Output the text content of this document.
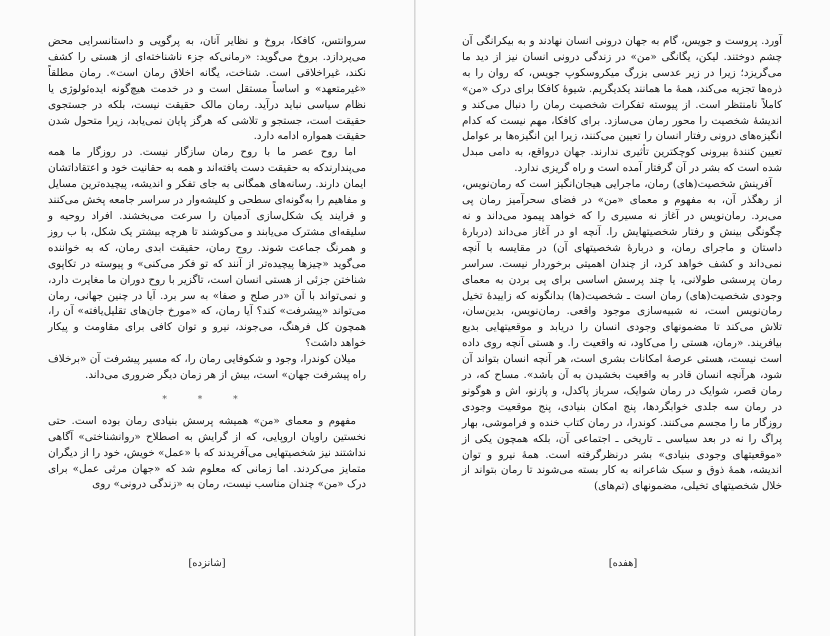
سروانتس، کافکا، بروخ و نظایر آنان، به پرگویی و داستانسرایی محض می‌پردازد. بروخ می‌گوید: «رمانی‌که جزء ناشناخته‌ای از هستی را کشف نکند، غیراخلاقی است. شناخت، یگانه اخلاق رمان است». رمان مطلقاً «غیرمتعهد» و اساساً مستقل است و در خدمت هیچ‌گونه ایده‌ئولوژی یا نظام سیاسی نباید درآید. رمان مالک حقیقت نیست، بلکه در جستجوی حقیقت است، جستجو و تلاشی که هرگز پایان نمی‌یابد، زیرا متحول شدن حقیقت همواره ادامه دارد.

اما روح عصر ما با روح رمان سازگار نیست. در روزگار ما همه می‌پندارند‌که به حقیقت دست یافته‌اند و همه به حقانیت خود و اعتقاداتشان ایمان دارند. رسانه‌های همگانی به جای تفکر و اندیشه، پیچیده‌ترین مسایل و مفاهیم را به‌گونه‌ای سطحی و کلیشه‌وار در سراسر جامعه پخش می‌کنند و فرایند یک شکل‌سازی آدمیان را سرعت می‌بخشند. افراد روحیه و سلیقه‌ای مشترک می‌یابند و می‌کوشند تا هرچه بیشتر یک شکل، با ب روز و همرنگ جماعت شوند. روح رمان، حقیقت ابدی رمان، که به خواننده می‌گوید «چیزها پیچیده‌تر از آنند که تو فکر می‌کنی» و پیوسته در تکاپوی شناختن جزئی از هستی انسان است، تاگزیر با روح دوران ما مغایرت دارد، و نمی‌تواند با آن «در صلح و صفا» به سر برد. آیا در چنین جهانی، رمان می‌تواند «پیشرفت» کند؟ آیا رمان، که «مورخ جان‌های تقلیل‌یافته» آن را، همچون کل فرهنگ، می‌جوند، نیرو و توان کافی برای مقاومت و پیکار خواهد داشت؟

میلان کوندرا، وجود و شکوفایی رمان را، که مسیر پیشرفت آن «برخلاف راه پیشرفت جهان» است، بیش از هر زمان دیگر ضروری می‌داند.

* * *

مفهوم و معمای «من» همیشه پرسش بنیادی رمان بوده است. حتی نخستین راویان اروپایی، که از گرایش به اصطلاح «روانشناختی» آگاهی نداشتند نیز شخصیتهایی می‌آفریدند که با «عمل» خویش، خود را از دیگران متمایز می‌کردند. اما زمانی که معلوم شد که «جهان مرثی عمل» برای درک «من» چندان مناسب نیست، رمان به «زندگی درونی» روی

[شانزده]

آورد. پروست و جویس، گام به جهان درونی انسان نهادند و به بیکرانگی آن چشم دوختند. لیکن، یگانگی «من» در زندگی درونی انسان نیز از دید ما می‌گریزد؛ زیرا در زیر عدسی بزرگ میکروسکوپ جویس، که روان را به ذره‌ها تجزیه می‌کند، همهٔ ما همانند یکدیگریم. شیوهٔ کافکا برای درک «من» کاملاً نامنتظر است. از پیوسته تفکرات شخصیت رمان را دنبال می‌کند و اندیشهٔ شخصیت را محور رمان می‌سازد. برای کافکا، مهم نیست که کدام انگیزه‌های درونی رفتار انسان را تعیین می‌کنند، زیرا این انگیزه‌ها بر عوامل تعیین کنندهٔ بیرونی کوچکترین تأثیری ندارند. جهان درواقع، به دامی مبدل شده است که بشر در آن گرفتار آمده است و راه گریزی ندارد.

آفرینش شخصیت(های) رمان، ماجرایی هیجان‌انگیز است که رمان‌نویس، از رهگذر آن، به مفهوم و معمای «من» در فضای سحرآمیز رمان پی می‌برد. رمان‌نویس در آغاز نه مسیری را که خواهد پیمود می‌داند و نه چگونگی بینش و رفتار شخصیتهایش را. آنچه او در آغاز می‌داند (دربارهٔ داستان و ماجرای رمان، و دربارهٔ شخصیتهای آن) در مقایسه با آنچه نمی‌داند و کشف خواهد کرد، از چندان اهمیتی برخوردار نیست. سراسر رمان پرسشی طولانی، یا چند پرسش اساسی برای پی بردن به معمای وجودی شخصیت(های) رمان است ـ شخصیت(ها) بدانگونه که زاییدهٔ تخیل رمان‌نویس است، نه شبیه‌سازی موجود واقعی. رمان‌نویس، بدین‌سان، تلاش می‌کند تا مضمونهای وجودی انسان را دریابد و موقعیتهایی بدیع بیافریند. «رمان، هستی را می‌کاود، نه واقعیت را. و هستی آنچه روی داده است نیست، هستی عرصهٔ امکانات بشری است، هر آنچه انسان بتواند آن شود، هرآنچه انسان قادر به واقعیت بخشیدن به آن باشد». مساح که، در رمان قصر، شوایک در رمان شوایک، سرباز پاکدل، و پازنو، اش و هوگونو در رمان سه جلدی خوابگردها، پنج امکان بنیادی، پنج موقعیت وجودی روزگار ما را مجسم می‌کنند. کوندرا، در رمان کتاب خنده و فراموشی، بهار پراگ را نه در بعد سیاسی ـ تاریخی ـ اجتماعی آن، بلکه همچون یکی از «موقعیتهای وجودی بنیادی» بشر درنظرگرفته است. همهٔ نیرو و توان اندیشه، همهٔ ذوق و سبک شاعرانه به کار بسته می‌شوند تا رمان بتواند از خلال شخصیتهای تخیلی، مضمونهای (تم‌های)

[هفده]
